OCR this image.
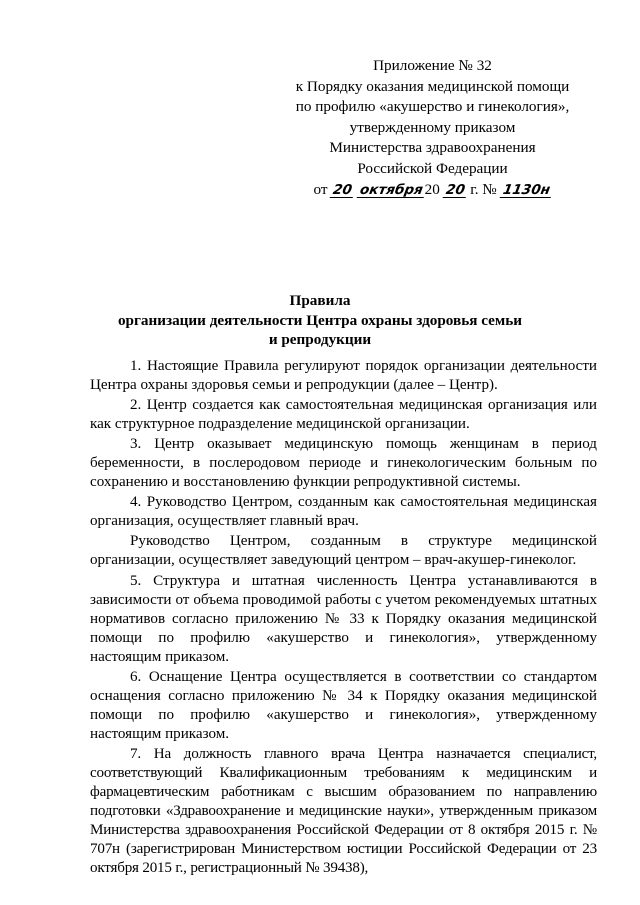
Приложение № 32
к Порядку оказания медицинской помощи
по профилю «акушерство и гинекология»,
утвержденному приказом
Министерства здравоохранения
Российской Федерации
от 20 октября20 20 г. № 1130н
Правила
организации деятельности Центра охраны здоровья семьи
и репродукции

1. Настоящие Правила регулируют порядок организации деятельности Центра охраны здоровья семьи и репродукции (далее – Центр).

2. Центр создается как самостоятельная медицинская организация или как структурное подразделение медицинской организации.

3. Центр оказывает медицинскую помощь женщинам в период беременности, в послеродовом периоде и гинекологическим больным по сохранению и восстановлению функции репродуктивной системы.

4. Руководство Центром, созданным как самостоятельная медицинская организация, осуществляет главный врач.

Руководство Центром, созданным в структуре медицинской организации, осуществляет заведующий центром – врач-акушер-гинеколог.

5. Структура и штатная численность Центра устанавливаются в зависимости от объема проводимой работы с учетом рекомендуемых штатных нормативов согласно приложению № 33 к Порядку оказания медицинской помощи по профилю «акушерство и гинекология», утвержденному настоящим приказом.

6. Оснащение Центра осуществляется в соответствии со стандартом оснащения согласно приложению № 34 к Порядку оказания медицинской помощи по профилю «акушерство и гинекология», утвержденному настоящим приказом.

7. На должность главного врача Центра назначается специалист, соответствующий Квалификационным требованиям к медицинским и фармацевтическим работникам с высшим образованием по направлению подготовки «Здравоохранение и медицинские науки», утвержденным приказом Министерства здравоохранения Российской Федерации от 8 октября 2015 г. № 707н (зарегистрирован Министерством юстиции Российской Федерации от 23 октября 2015 г., регистрационный № 39438),
